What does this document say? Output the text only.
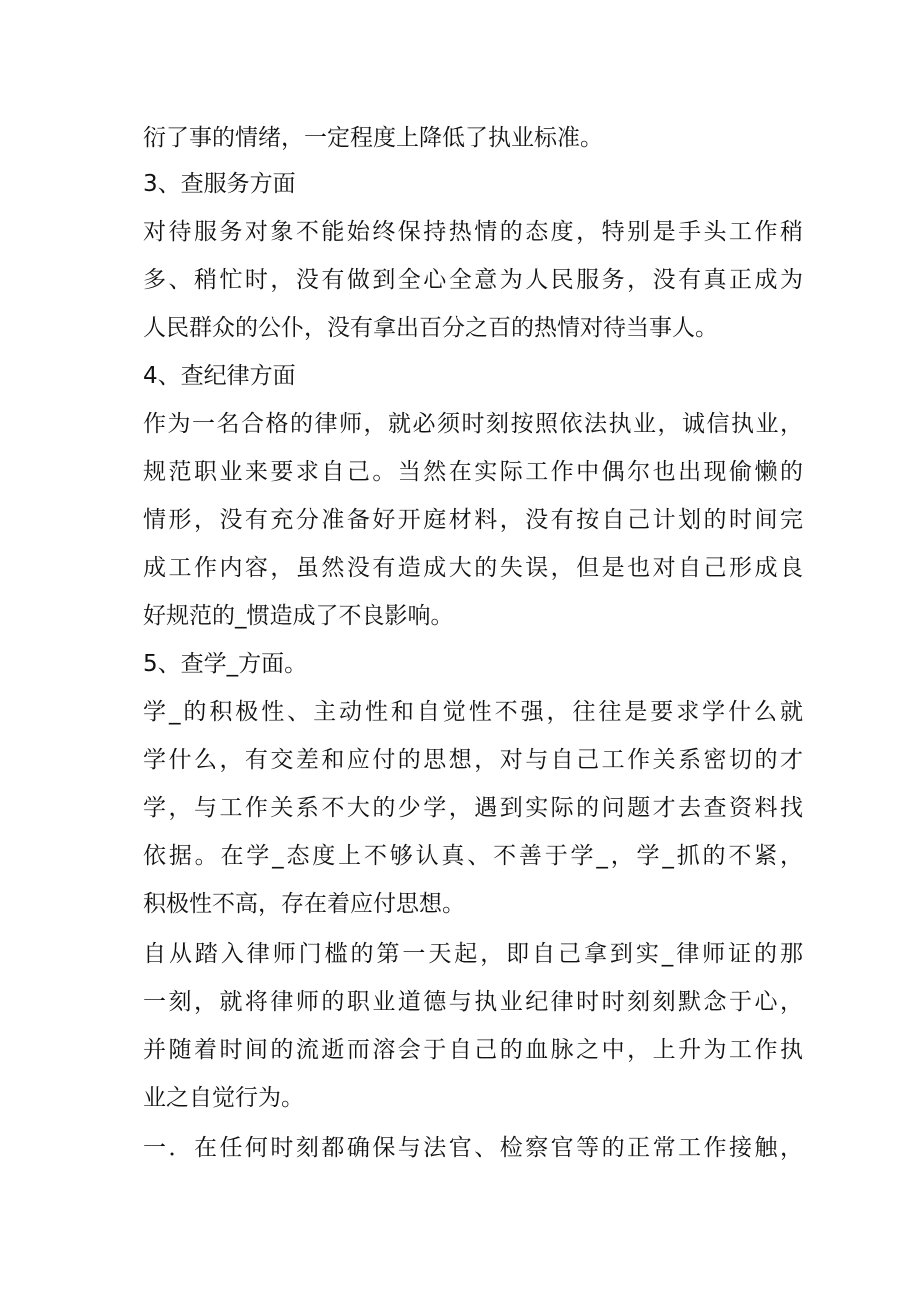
衍了事的情绪，一定程度上降低了执业标准。
3、查服务方面
对待服务对象不能始终保持热情的态度，特别是手头工作稍
多、稍忙时，没有做到全心全意为人民服务，没有真正成为
人民群众的公仆，没有拿出百分之百的热情对待当事人。
4、查纪律方面
作为一名合格的律师，就必须时刻按照依法执业，诚信执业，
规范职业来要求自己。当然在实际工作中偶尔也出现偷懒的
情形，没有充分准备好开庭材料，没有按自己计划的时间完
成工作内容，虽然没有造成大的失误，但是也对自己形成良
好规范的_惯造成了不良影响。
5、查学_方面。
学_的积极性、主动性和自觉性不强，往往是要求学什么就
学什么，有交差和应付的思想，对与自己工作关系密切的才
学，与工作关系不大的少学，遇到实际的问题才去查资料找
依据。在学_态度上不够认真、不善于学_，学_抓的不紧，
积极性不高，存在着应付思想。
自从踏入律师门槛的第一天起，即自己拿到实_律师证的那
一刻，就将律师的职业道德与执业纪律时时刻刻默念于心，
并随着时间的流逝而溶会于自己的血脉之中，上升为工作执
业之自觉行为。
一．在任何时刻都确保与法官、检察官等的正常工作接触，
